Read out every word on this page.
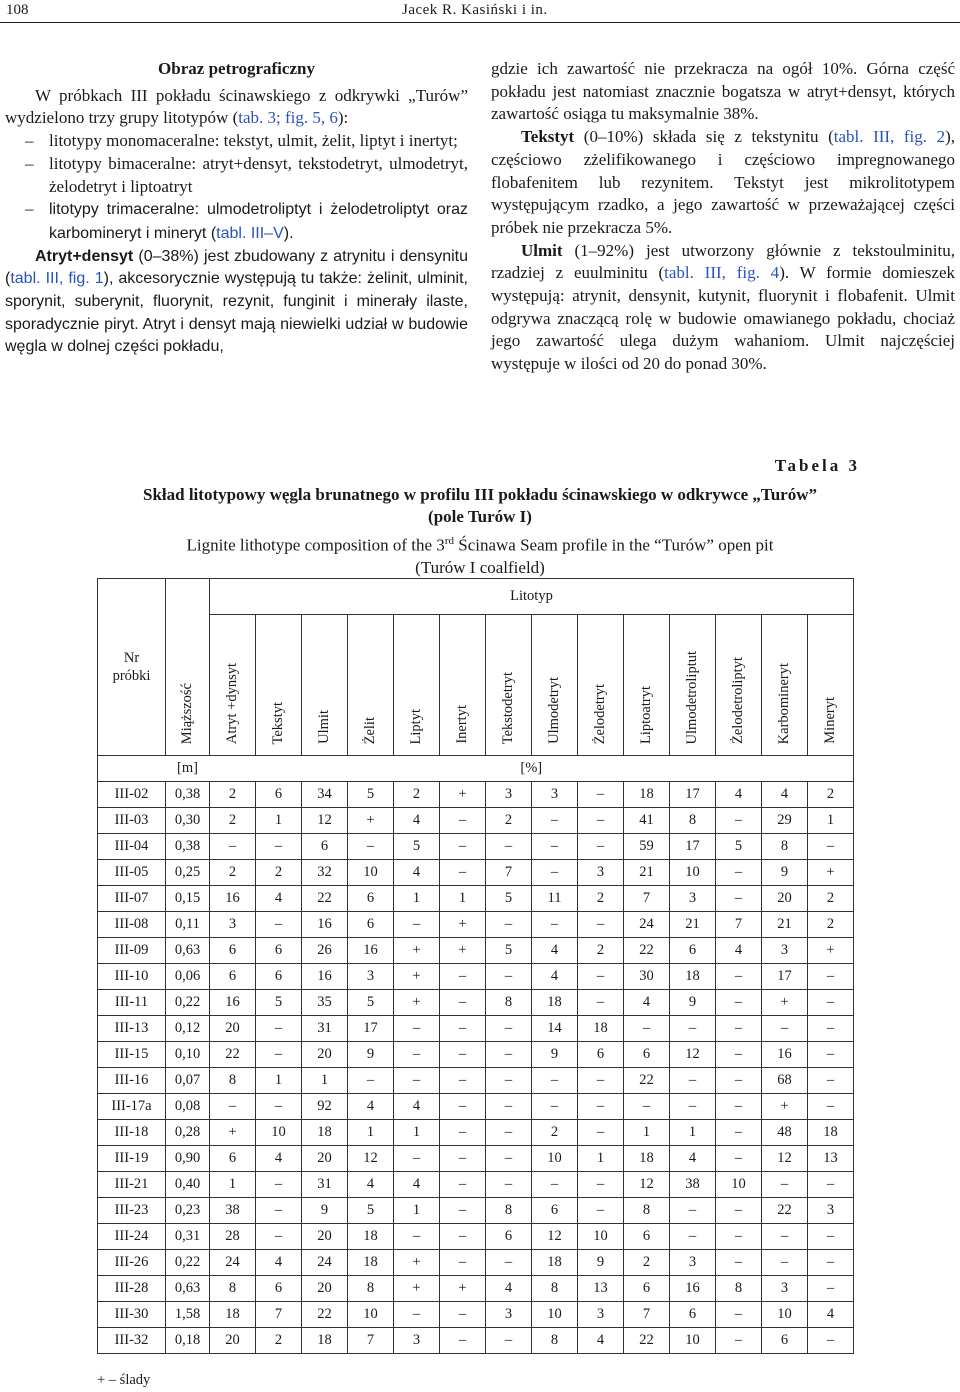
108	Jacek R. Kasiński i in.

Obraz petrograficzny

W próbkach III pokładu ścinawskiego z odkrywki „Turów” wydzielono trzy grupy litotypów (tab. 3; fig. 5, 6):

– litotypy monomaceralne: tekstyt, ulmit, żelit, liptyt i inertyt;

– litotypy bimaceralne: atryt+densyt, tekstodetryt, ulmodetryt, żelodetryt i liptoatryt

– litotypy trimaceralne: ulmodetroliptyt i żelodetroliptyt oraz karbomineryt i mineryt (tabl. III–V).

Atryt+densyt (0–38%) jest zbudowany z atrynitu i densynitu (tabl. III, fig. 1), akcesorycznie występują tu także: żelinit, ulminit, sporynit, suberynit, fluorynit, rezynit, funginit i minerały ilaste, sporadycznie piryt. Atryt i densyt mają niewielki udział w budowie węgla w dolnej części pokładu,

gdzie ich zawartość nie przekracza na ogół 10%. Górna część pokładu jest natomiast znacznie bogatsza w atryt+densyt, których zawartość osiąga tu maksymalnie 38%.

Tekstyt (0–10%) składa się z tekstynitu (tabl. III, fig. 2), częściowo zżelifikowanego i częściowo impregnowanego flobafenitem lub rezynitem. Tekstyt jest mikrolitotypem występującym rzadko, a jego zawartość w przeważającej części próbek nie przekracza 5%.

Ulmit (1–92%) jest utworzony głównie z tekstoulminitu, rzadziej z euulminitu (tabl. III, fig. 4). W formie domieszek występują: atrynit, densynit, kutynit, fluorynit i flobafenit. Ulmit odgrywa znaczącą rolę w budowie omawianego pokładu, chociaż jego zawartość ulega dużym wahaniom. Ulmit najczęściej występuje w ilości od 20 do ponad 30%.

Tabela 3
Skład litotypowy węgla brunatnego w profilu III pokładu ścinawskiego w odkrywce „Turów”
(pole Turów I)
Lignite lithotype composition of the 3rd Ścinawa Seam profile in the “Turów” open pit
(Turów I coalfield)
Nr
próbki	Miąższość	Litotyp													
		Atryt +dynsyt	Tekstyt	Ulmit	Żelit	Liptyt	Inertyt	Tekstodetryt	Ulmodetryt	Żelodetryt	Liptoatryt	Ulmodetroliptut	Żelodetroliptyt	Karbomineryt	Mineryt
	[m]	[%]													
III-02	0,38	2	6	34	5	2	+	3	3	–	18	17	4	4	2
III-03	0,30	2	1	12	+	4	–	2	–	–	41	8	–	29	1
III-04	0,38	–	–	6	–	5	–	–	–	–	59	17	5	8	–
III-05	0,25	2	2	32	10	4	–	7	–	3	21	10	–	9	+
III-07	0,15	16	4	22	6	1	1	5	11	2	7	3	–	20	2
III-08	0,11	3	–	16	6	–	+	–	–	–	24	21	7	21	2
III-09	0,63	6	6	26	16	+	+	5	4	2	22	6	4	3	+
III-10	0,06	6	6	16	3	+	–	–	4	–	30	18	–	17	–
III-11	0,22	16	5	35	5	+	–	8	18	–	4	9	–	+	–
III-13	0,12	20	–	31	17	–	–	–	14	18	–	–	–	–	–
III-15	0,10	22	–	20	9	–	–	–	9	6	6	12	–	16	–
III-16	0,07	8	1	1	–	–	–	–	–	–	22	–	–	68	–
III-17a	0,08	–	–	92	4	4	–	–	–	–	–	–	–	+	–
III-18	0,28	+	10	18	1	1	–	–	2	–	1	1	–	48	18
III-19	0,90	6	4	20	12	–	–	–	10	1	18	4	–	12	13
III-21	0,40	1	–	31	4	4	–	–	–	–	12	38	10	–	–
III-23	0,23	38	–	9	5	1	–	8	6	–	8	–	–	22	3
III-24	0,31	28	–	20	18	–	–	6	12	10	6	–	–	–	–
III-26	0,22	24	4	24	18	+	–	–	18	9	2	3	–	–	–
III-28	0,63	8	6	20	8	+	+	4	8	13	6	16	8	3	–
III-30	1,58	18	7	22	10	–	–	3	10	3	7	6	–	10	4
III-32	0,18	20	2	18	7	3	–	–	8	4	22	10	–	6	–
+ – ślady
